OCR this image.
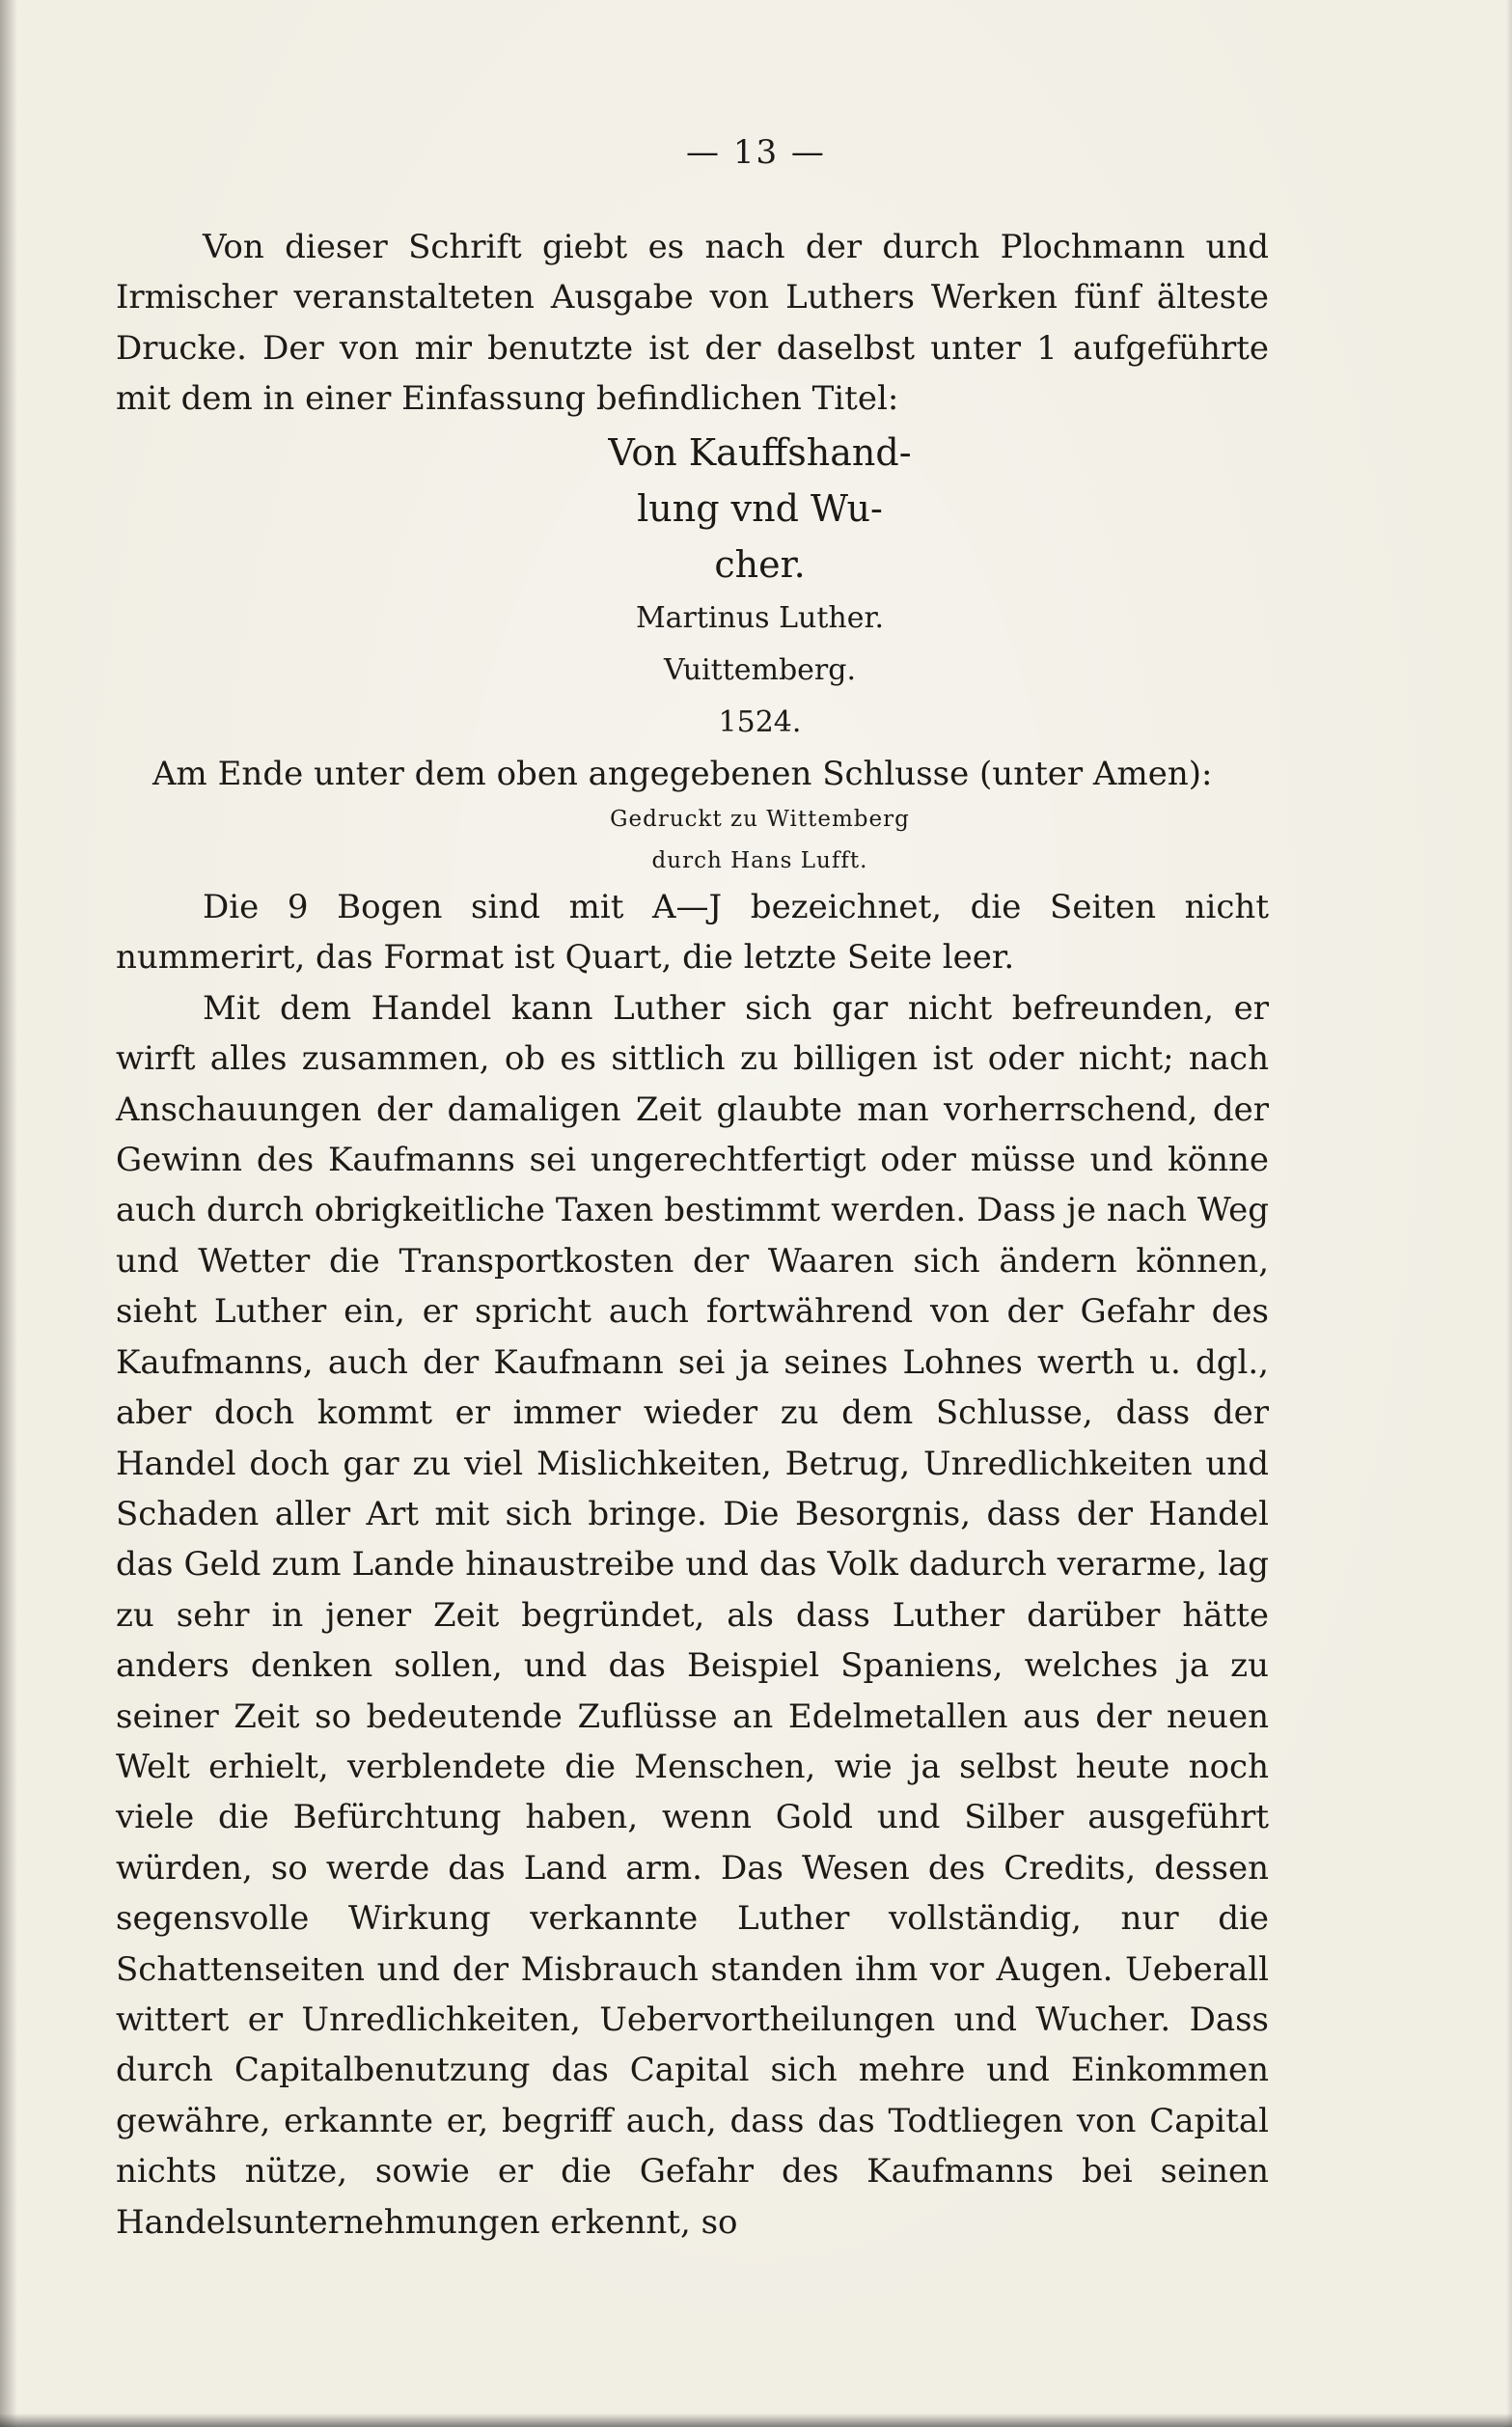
— 13 —

Von dieser Schrift giebt es nach der durch Plochmann und Irmischer veranstalteten Ausgabe von Luthers Werken fünf älteste Drucke. Der von mir benutzte ist der daselbst unter 1 aufgeführte mit dem in einer Einfassung befindlichen Titel:

Von Kauffshand-
lung vnd Wu-
cher.
Martinus Luther.
Vuittemberg.
1524.

Am Ende unter dem oben angegebenen Schlusse (unter Amen):

Gedruckt zu Wittemberg
durch Hans Lufft.

Die 9 Bogen sind mit A—J bezeichnet, die Seiten nicht nummerirt, das Format ist Quart, die letzte Seite leer.

Mit dem Handel kann Luther sich gar nicht befreunden, er wirft alles zusammen, ob es sittlich zu billigen ist oder nicht; nach Anschauungen der damaligen Zeit glaubte man vorherrschend, der Gewinn des Kaufmanns sei ungerechtfertigt oder müsse und könne auch durch obrigkeitliche Taxen bestimmt werden. Dass je nach Weg und Wetter die Transportkosten der Waaren sich ändern können, sieht Luther ein, er spricht auch fortwährend von der Gefahr des Kaufmanns, auch der Kaufmann sei ja seines Lohnes werth u. dgl., aber doch kommt er immer wieder zu dem Schlusse, dass der Handel doch gar zu viel Mislichkeiten, Betrug, Unredlichkeiten und Schaden aller Art mit sich bringe. Die Besorgnis, dass der Handel das Geld zum Lande hinaustreibe und das Volk dadurch verarme, lag zu sehr in jener Zeit begründet, als dass Luther darüber hätte anders denken sollen, und das Beispiel Spaniens, welches ja zu seiner Zeit so bedeutende Zuflüsse an Edelmetallen aus der neuen Welt erhielt, verblendete die Menschen, wie ja selbst heute noch viele die Befürchtung haben, wenn Gold und Silber ausgeführt würden, so werde das Land arm. Das Wesen des Credits, dessen segensvolle Wirkung verkannte Luther vollständig, nur die Schattenseiten und der Misbrauch standen ihm vor Augen. Ueberall wittert er Unredlichkeiten, Uebervortheilungen und Wucher. Dass durch Capitalbenutzung das Capital sich mehre und Einkommen gewähre, erkannte er, begriff auch, dass das Todtliegen von Capital nichts nütze, sowie er die Gefahr des Kaufmanns bei seinen Handelsunternehmungen erkennt, so
